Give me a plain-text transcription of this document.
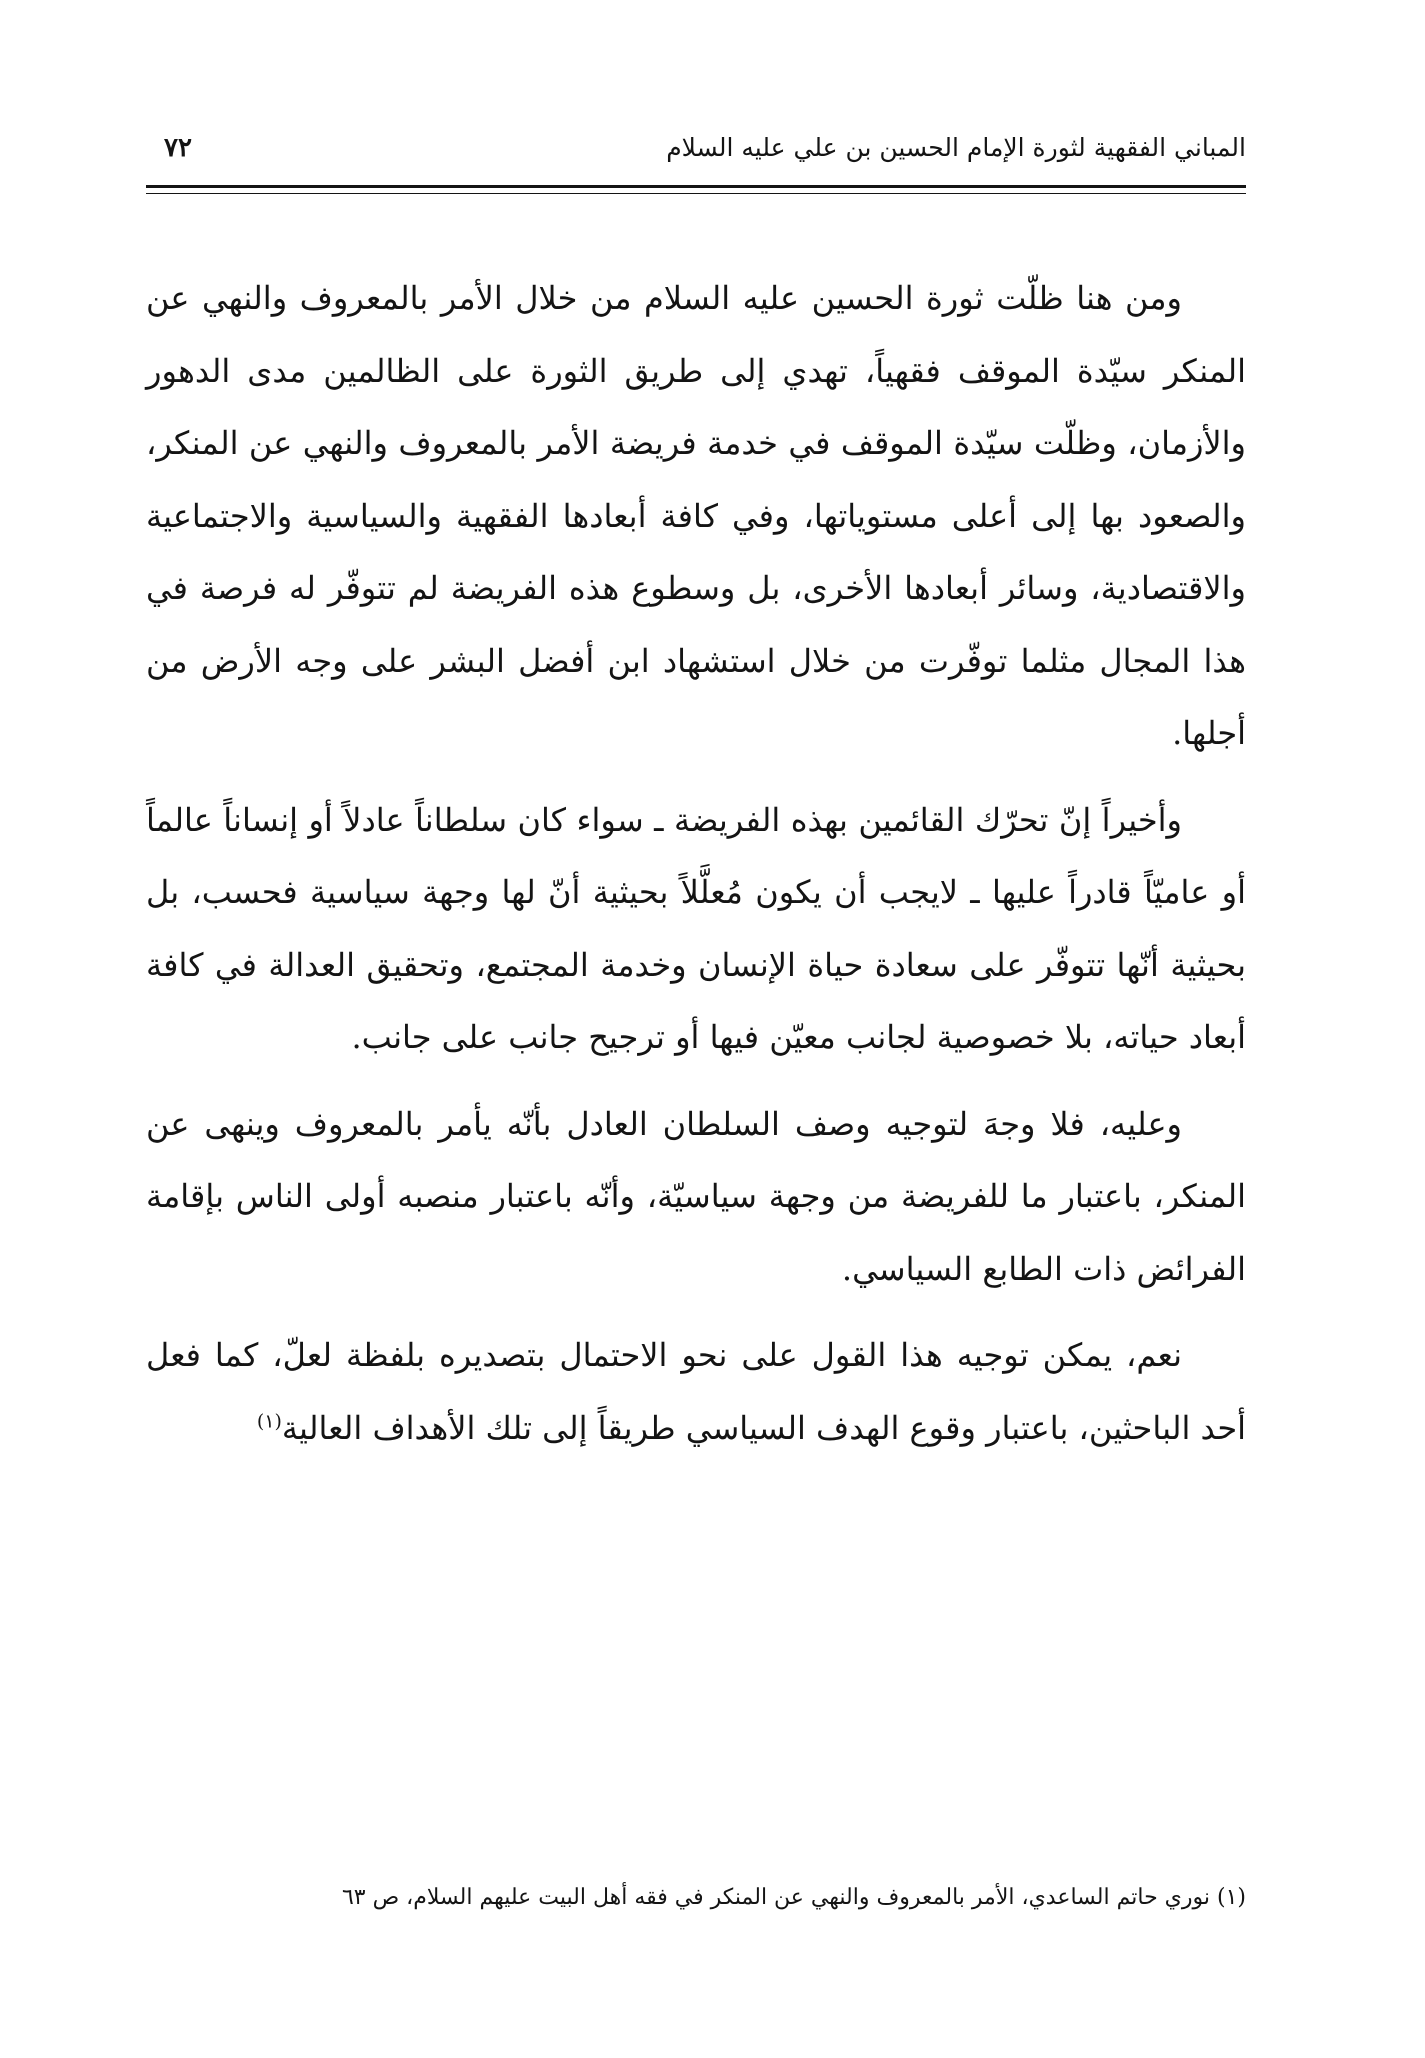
المباني الفقهية لثورة الإمام الحسين بن علي عليه السلام
٧٢

ومن هنا ظلّت ثورة الحسين عليه السلام من خلال الأمر بالمعروف والنهي عن المنكر سيّدة الموقف فقهياً، تهدي إلى طريق الثورة على الظالمين مدى الدهور والأزمان، وظلّت سيّدة الموقف في خدمة فريضة الأمر بالمعروف والنهي عن المنكر، والصعود بها إلى أعلى مستوياتها، وفي كافة أبعادها الفقهية والسياسية والاجتماعية والاقتصادية، وسائر أبعادها الأخرى، بل وسطوع هذه الفريضة لم تتوفّر له فرصة في هذا المجال مثلما توفّرت من خلال استشهاد ابن أفضل البشر على وجه الأرض من أجلها.

وأخيراً إنّ تحرّك القائمين بهذه الفريضة ـ سواء كان سلطاناً عادلاً أو إنساناً عالماً أو عاميّاً قادراً عليها ـ لايجب أن يكون مُعلَّلاً بحيثية أنّ لها وجهة سياسية فحسب، بل بحيثية أنّها تتوفّر على سعادة حياة الإنسان وخدمة المجتمع، وتحقيق العدالة في كافة أبعاد حياته، بلا خصوصية لجانب معيّن فيها أو ترجيح جانب على جانب.

وعليه، فلا وجهَ لتوجيه وصف السلطان العادل بأنّه يأمر بالمعروف وينهى عن المنكر، باعتبار ما للفريضة من وجهة سياسيّة، وأنّه باعتبار منصبه أولى الناس بإقامة الفرائض ذات الطابع السياسي.

نعم، يمكن توجيه هذا القول على نحو الاحتمال بتصديره بلفظة لعلّ، كما فعل أحد الباحثين، باعتبار وقوع الهدف السياسي طريقاً إلى تلك الأهداف العالية$^{(١)}$

(١) نوري حاتم الساعدي، الأمر بالمعروف والنهي عن المنكر في فقه أهل البيت عليهم السلام، ص ٦٣
